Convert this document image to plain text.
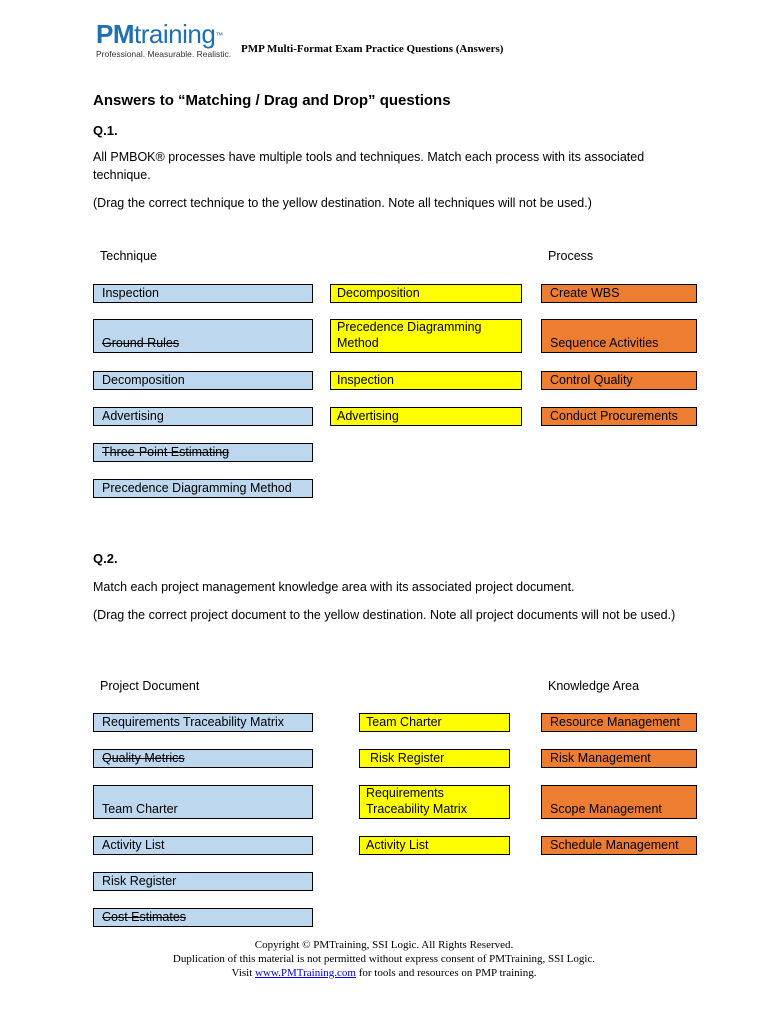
PMtraining™
Professional. Measurable. Realistic. PMP Multi-Format Exam Practice Questions (Answers)
Answers to “Matching / Drag and Drop” questions
Q.1.
All PMBOK® processes have multiple tools and techniques. Match each process with its associated technique.
(Drag the correct technique to the yellow destination. Note all techniques will not be used.)
Technique	Process
Inspection
Ground Rules
Decomposition
Advertising
Three-Point Estimating
Precedence Diagramming Method
Decomposition
Precedence Diagramming Method
Inspection
Advertising
Create WBS
Sequence Activities
Control Quality
Conduct Procurements
Q.2.
Match each project management knowledge area with its associated project document.
(Drag the correct project document to the yellow destination. Note all project documents will not be used.)
Project Document	Knowledge Area
Requirements Traceability Matrix
Quality Metrics
Team Charter
Activity List
Risk Register
Cost Estimates
Team Charter
Risk Register
Requirements Traceability Matrix
Activity List
Resource Management
Risk Management
Scope Management
Schedule Management
Copyright © PMTraining, SSI Logic. All Rights Reserved.
Duplication of this material is not permitted without express consent of PMTraining, SSI Logic.
Visit www.PMTraining.com for tools and resources on PMP training.
